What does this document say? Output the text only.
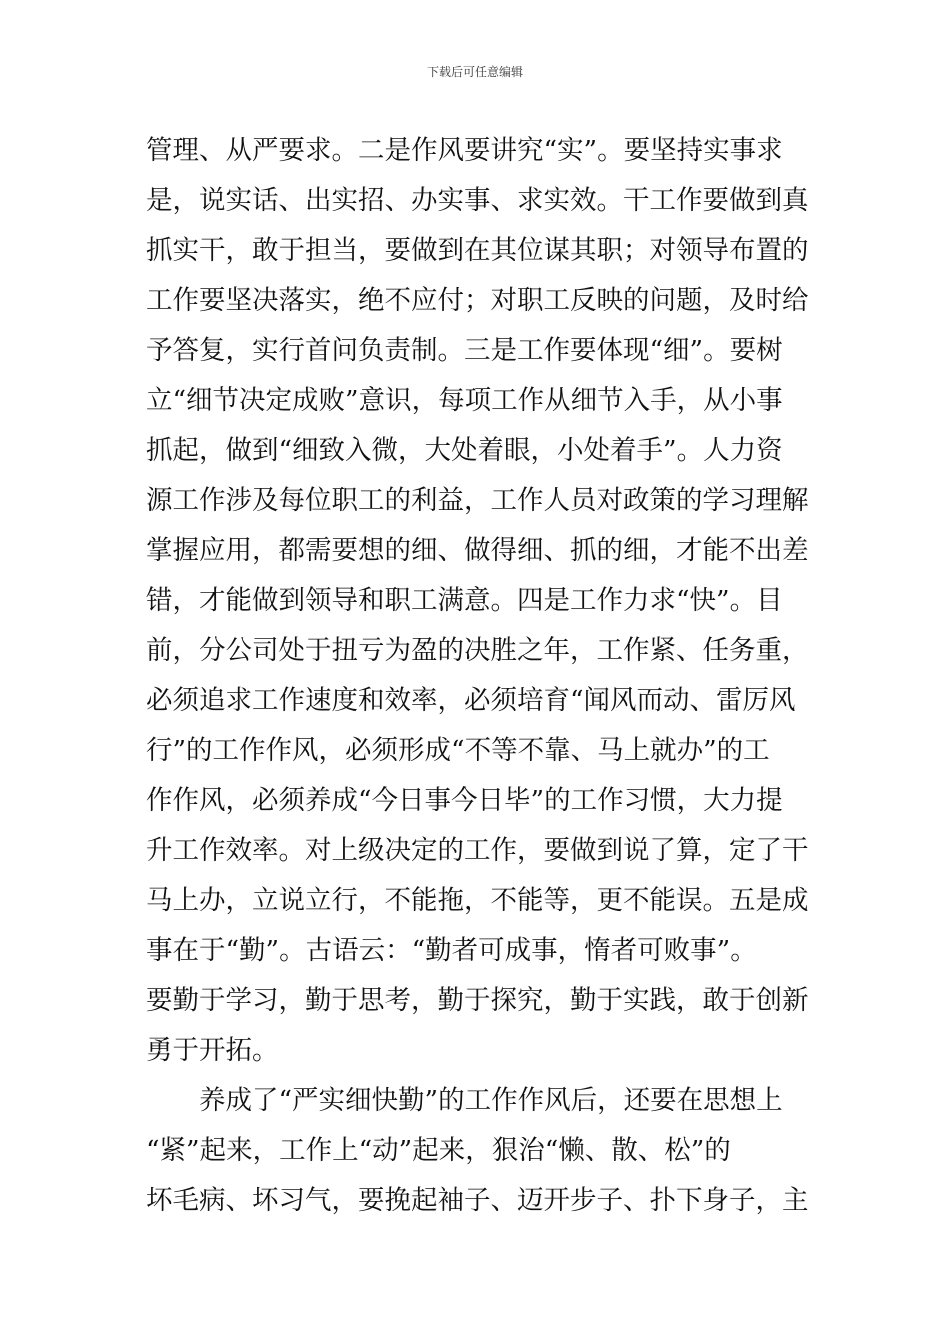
下载后可任意编辑
管理、从严要求。二是作风要讲究“实”。要坚持实事求
是，说实话、出实招、办实事、求实效。干工作要做到真
抓实干，敢于担当，要做到在其位谋其职；对领导布置的
工作要坚决落实，绝不应付；对职工反映的问题，及时给
予答复，实行首问负责制。三是工作要体现“细”。要树
立“细节决定成败”意识，每项工作从细节入手，从小事
抓起，做到“细致入微，大处着眼，小处着手”。人力资
源工作涉及每位职工的利益，工作人员对政策的学习理解
掌握应用，都需要想的细、做得细、抓的细，才能不出差
错，才能做到领导和职工满意。四是工作力求“快”。目
前，分公司处于扭亏为盈的决胜之年，工作紧、任务重，
必须追求工作速度和效率，必须培育“闻风而动、雷厉风
行”的工作作风，必须形成“不等不靠、马上就办”的工
作作风，必须养成“今日事今日毕”的工作习惯，大力提
升工作效率。对上级决定的工作，要做到说了算，定了干
马上办，立说立行，不能拖，不能等，更不能误。五是成
事在于“勤”。古语云：“勤者可成事，惰者可败事”。
要勤于学习，勤于思考，勤于探究，勤于实践，敢于创新
勇于开拓。
养成了“严实细快勤”的工作作风后，还要在思想上
“紧”起来，工作上“动”起来，狠治“懒、散、松”的
坏毛病、坏习气，要挽起袖子、迈开步子、扑下身子，主
